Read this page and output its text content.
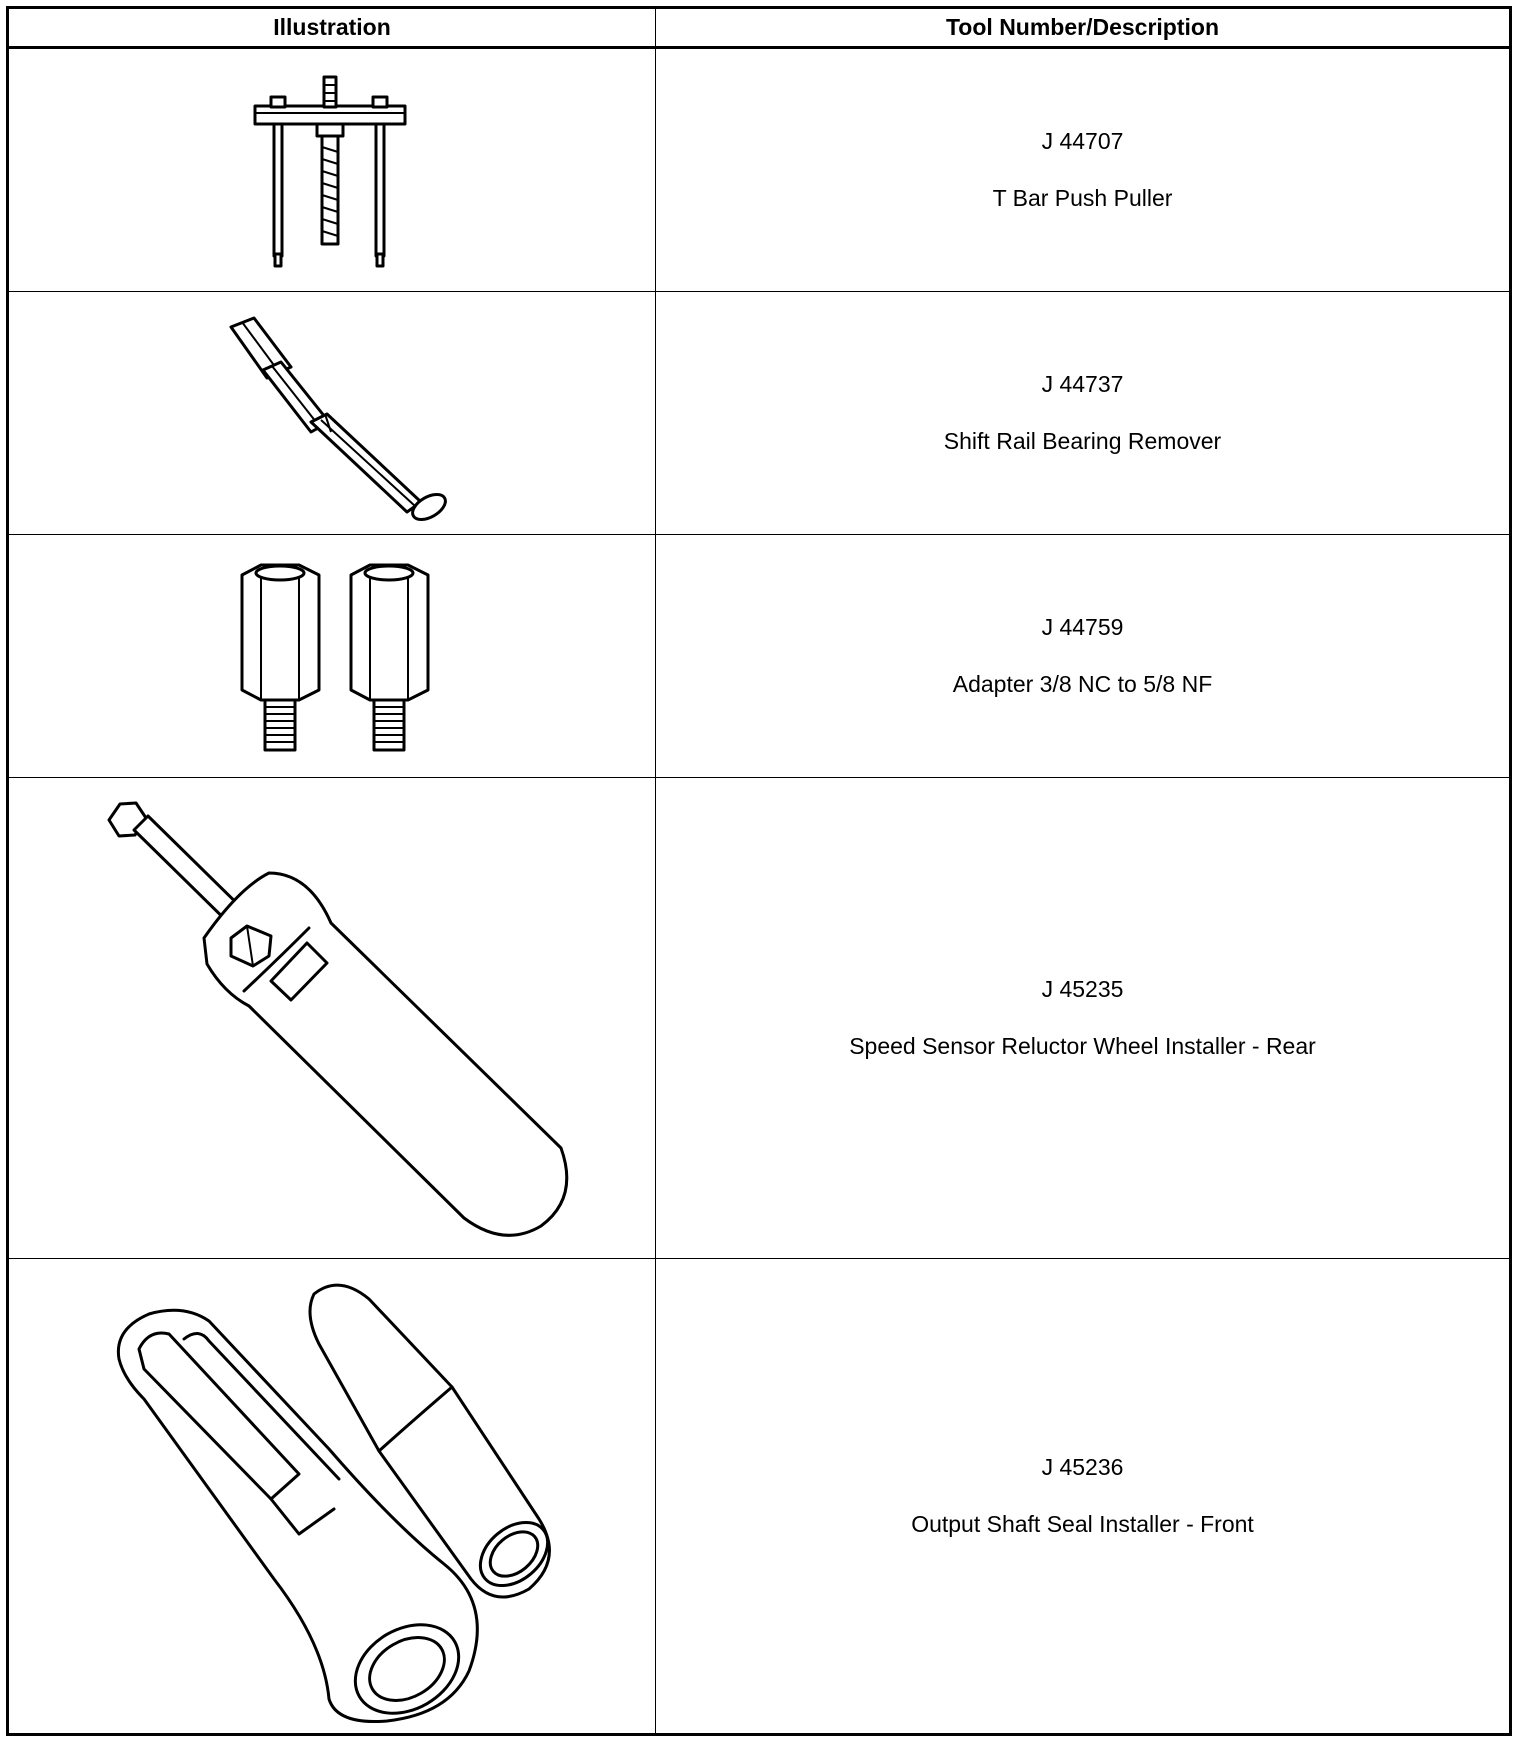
Illustration	Tool Number/Description
J 44707
T Bar Push Puller
J 44737
Shift Rail Bearing Remover
J 44759
Adapter 3/8 NC to 5/8 NF
J 45235
Speed Sensor Reluctor Wheel Installer - Rear
J 45236
Output Shaft Seal Installer - Front
